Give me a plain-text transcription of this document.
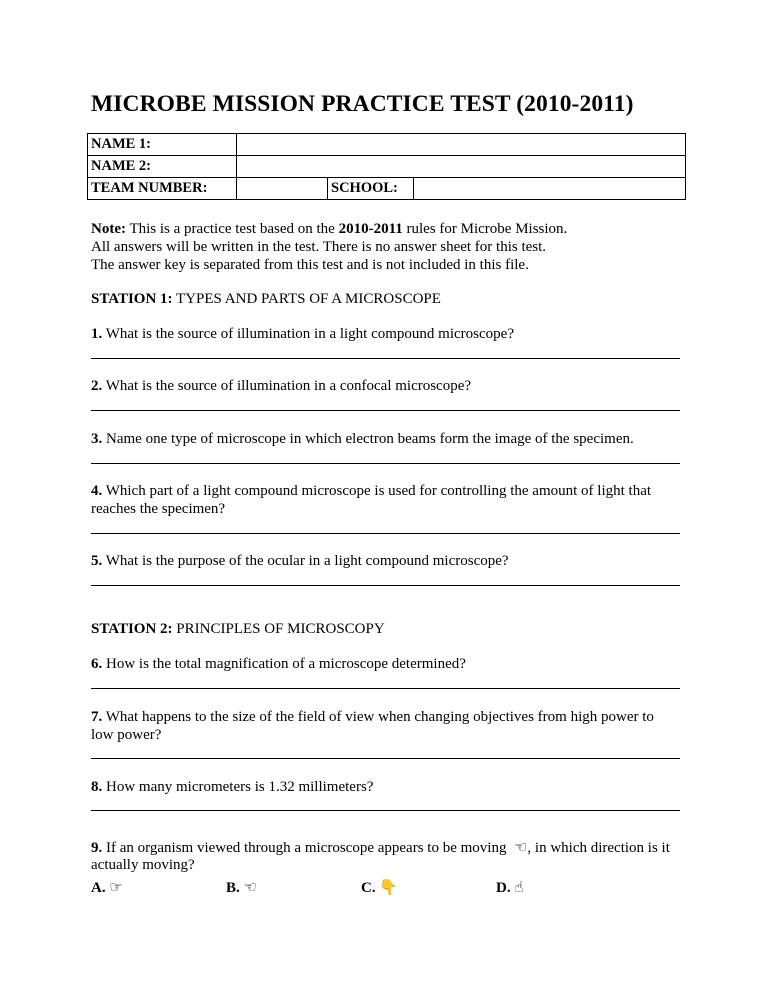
MICROBE MISSION PRACTICE TEST (2010-2011)
NAME 1:			
NAME 2:			
TEAM NUMBER:		SCHOOL:	
Note: This is a practice test based on the 2010-2011 rules for Microbe Mission.
All answers will be written in the test. There is no answer sheet for this test.
The answer key is separated from this test and is not included in this file.
STATION 1: TYPES AND PARTS OF A MICROSCOPE
1. What is the source of illumination in a light compound microscope?
2. What is the source of illumination in a confocal microscope?
3. Name one type of microscope in which electron beams form the image of the specimen.
4. Which part of a light compound microscope is used for controlling the amount of light that
reaches the specimen?
5. What is the purpose of the ocular in a light compound microscope?
STATION 2: PRINCIPLES OF MICROSCOPY
6. How is the total magnification of a microscope determined?
7. What happens to the size of the field of view when changing objectives from high power to
low power?
8. How many micrometers is 1.32 millimeters?
9. If an organism viewed through a microscope appears to be moving ☜, in which direction is it
actually moving?
A. ☞	B. ☜	C. 👇	D. ☝
